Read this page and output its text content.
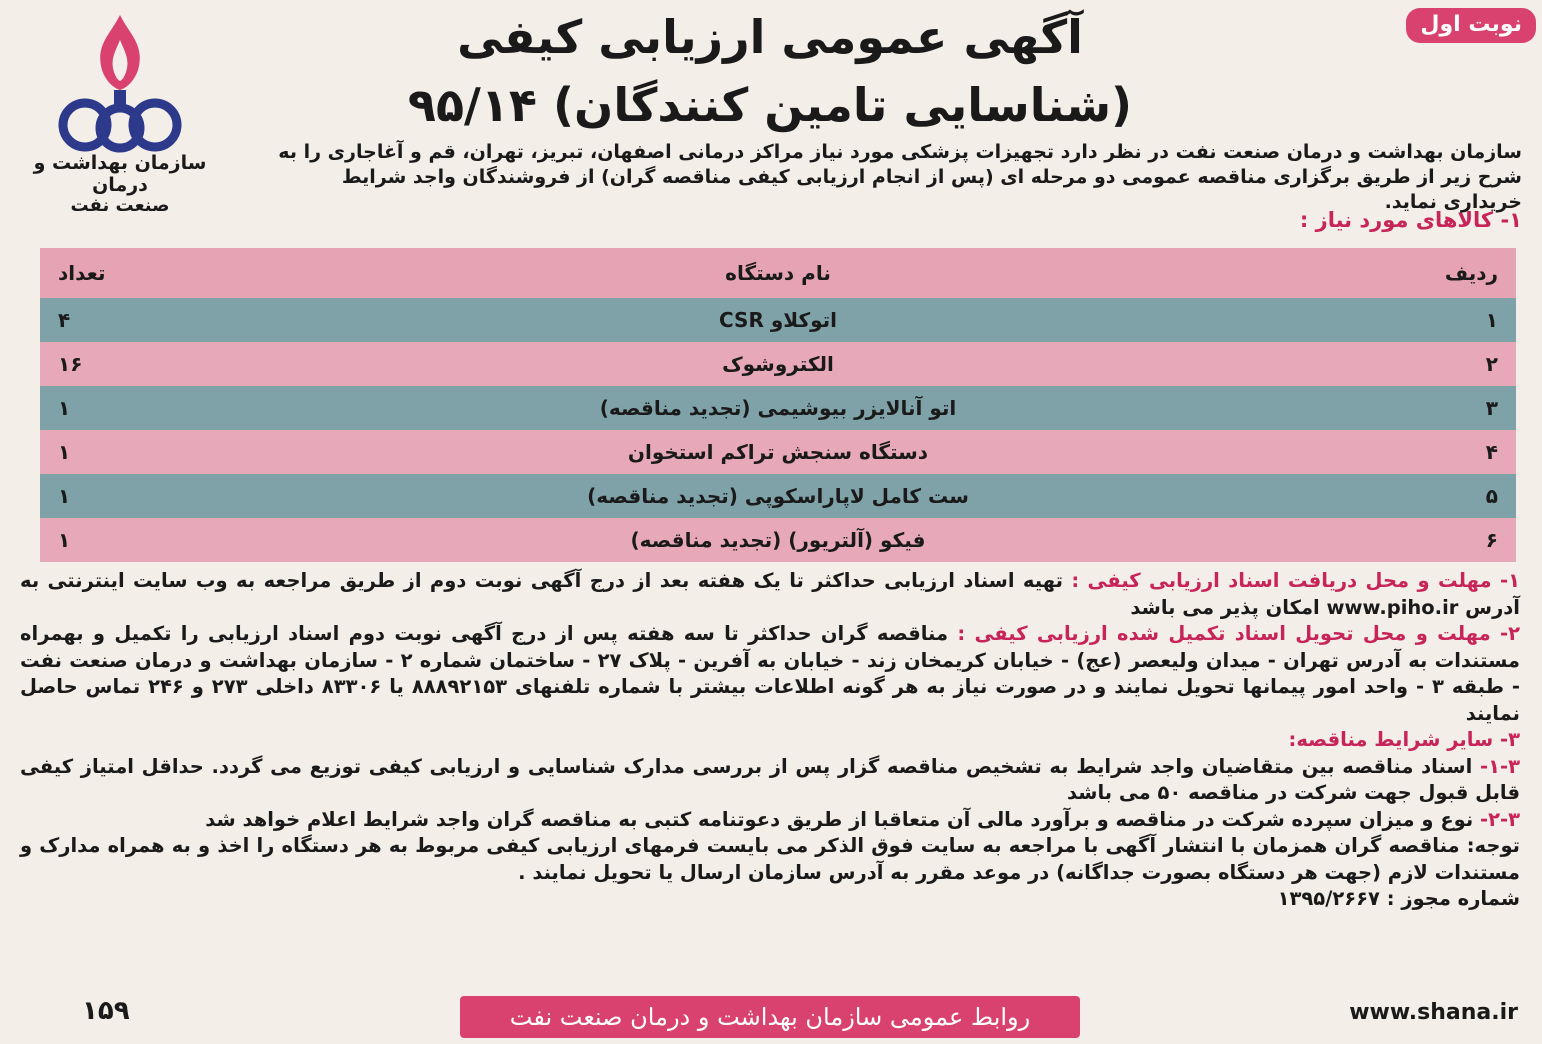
نوبت اول
سازمان بهداشت و درمان
صنعت نفت
آگهی عمومی ارزیابی کیفی
(شناسایی تامین کنندگان) ۹۵/۱۴
سازمان بهداشت و درمان صنعت نفت در نظر دارد تجهیزات پزشکی مورد نیاز مراکز درمانی اصفهان، تبریز، تهران، قم و آغاجاری را به شرح زیر از طریق برگزاری مناقصه عمومی دو مرحله ای (پس از انجام ارزیابی کیفی مناقصه گران) از فروشندگان واجد شرایط خریداری نماید.
۱- کالاهای مورد نیاز :
ردیف	نام دستگاه	تعداد
۱	اتوکلاو CSR	۴
۲	الکتروشوک	۱۶
۳	اتو آنالایزر بیوشیمی (تجدید مناقصه)	۱
۴	دستگاه سنجش تراکم استخوان	۱
۵	ست کامل لاپاراسکوپی (تجدید مناقصه)	۱
۶	فیکو (آلتریور) (تجدید مناقصه)	۱

۱- مهلت و محل دریافت اسناد ارزیابی کیفی : تهیه اسناد ارزیابی حداکثر تا یک هفته بعد از درج آگهی نوبت دوم از طریق مراجعه به وب سایت اینترنتی به آدرس www.piho.ir امکان پذیر می باشد

۲- مهلت و محل تحویل اسناد تکمیل شده ارزیابی کیفی : مناقصه گران حداکثر تا سه هفته پس از درج آگهی نوبت دوم اسناد ارزیابی را تکمیل و بهمراه مستندات به آدرس تهران - میدان ولیعصر (عج) - خیابان کریمخان زند - خیابان به آفرین - پلاک ۲۷ - ساختمان شماره ۲ - سازمان بهداشت و درمان صنعت نفت - طبقه ۳ - واحد امور پیمانها تحویل نمایند و در صورت نیاز به هر گونه اطلاعات بیشتر با شماره تلفنهای ۸۸۸۹۲۱۵۳ یا ۸۳۳۰۶ داخلی ۲۷۳ و ۲۴۶ تماس حاصل نمایند

۳- سایر شرایط مناقصه:

۱-۳- اسناد مناقصه بین متقاضیان واجد شرایط به تشخیص مناقصه گزار پس از بررسی مدارک شناسایی و ارزیابی کیفی توزیع می گردد. حداقل امتیاز کیفی قابل قبول جهت شرکت در مناقصه ۵۰ می باشد

۲-۳- نوع و میزان سپرده شرکت در مناقصه و برآورد مالی آن متعاقبا از طریق دعوتنامه کتبی به مناقصه گران واجد شرایط اعلام خواهد شد

توجه: مناقصه گران همزمان با انتشار آگهی با مراجعه به سایت فوق الذکر می بایست فرمهای ارزیابی کیفی مربوط به هر دستگاه را اخذ و به همراه مدارک و مستندات لازم (جهت هر دستگاه بصورت جداگانه) در موعد مقرر به آدرس سازمان ارسال یا تحویل نمایند .

شماره مجوز : ۱۳۹۵/۲۶۶۷

www.shana.ir
روابط عمومی سازمان بهداشت و درمان صنعت نفت
۱۵۹
